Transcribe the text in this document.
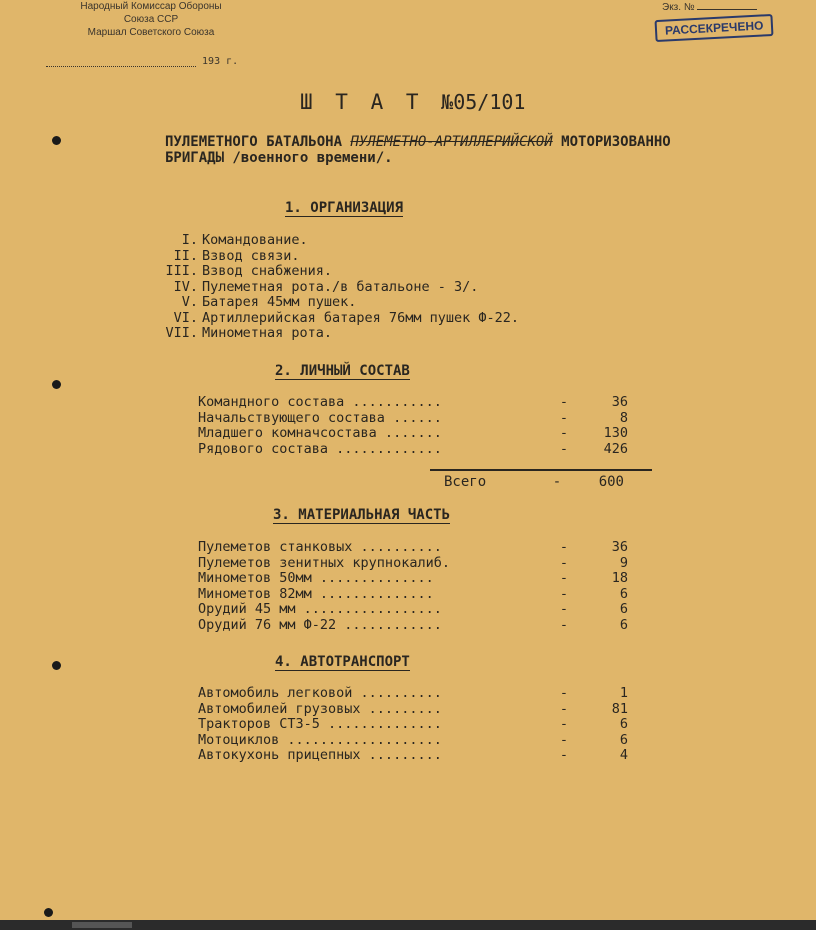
Народный Комиссар Обороны
Союза ССР
Маршал Советского Союза
193 г.
Экз. №
РАССЕКРЕЧЕНО
Ш Т А Т №05/101
ПУЛЕМЕТНОГО БАТАЛЬОНА ПУЛЕМЕТНО-АРТИЛЛЕРИЙСКОЙ МОТОРИЗОВАННО
БРИГАДЫ /военного времени/.
1. ОРГАНИЗАЦИЯ
I. Командование.
II. Взвод связи.
III. Взвод снабжения.
IV. Пулеметная рота./в батальоне - 3/.
V. Батарея 45мм пушек.
VI. Артиллерийская батарея 76мм пушек Ф-22.
VII. Минометная рота.
2. ЛИЧНЫЙ СОСТАВ
Командного состава ...........	-	36
Начальствующего состава ......	-	8
Младшего комначсостава .......	-	130
Рядового состава .............	-	426
Всего	-	600
3. МАТЕРИАЛЬНАЯ ЧАСТЬ
Пулеметов станковых ..........	-	36
Пулеметов зенитных крупнокалиб.	-	9
Минометов 50мм ..............	-	18
Минометов 82мм ..............	-	6
Орудий 45 мм .................	-	6
Орудий 76 мм Ф-22 ............	-	6
4. АВТОТРАНСПОРТ
Автомобиль легковой ..........	-	1
Автомобилей грузовых .........	-	81
Тракторов СТЗ-5 ..............	-	6
Мотоциклов ...................	-	6
Автокухонь прицепных .........	-	4
